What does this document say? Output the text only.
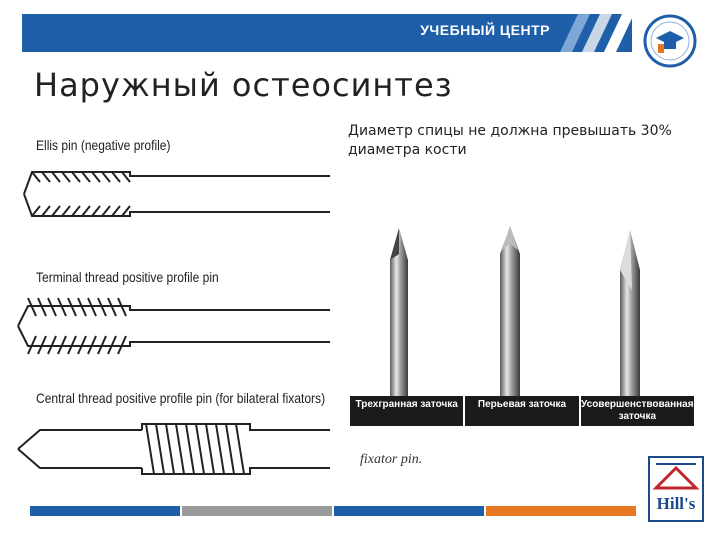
УЧЕБНЫЙ ЦЕНТР
Наружный остеосинтез
Диаметр спицы не должна превышать 30% диаметра кости
Ellis pin (negative profile)
Terminal thread positive profile pin
Central thread positive profile pin (for bilateral fixators)	Трехгранная заточка	Перьевая заточка	Усовершенствованная заточка
fixator pin.
Hill's
